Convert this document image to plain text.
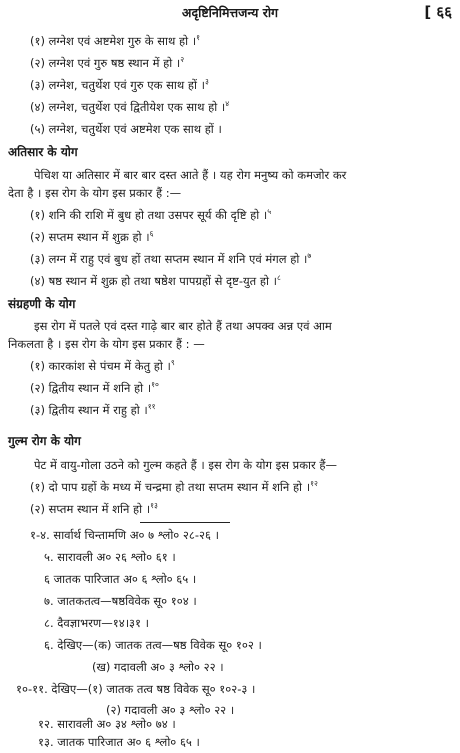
अदृष्टिनिमित्तजन्य रोग	[ ६६
(१) लग्नेश एवं अष्टमेश गुरु के साथ हो ।$^१$
(२) लग्नेश एवं गुरु षष्ठ स्थान में हो ।$^२$
(३) लग्नेश, चतुर्थेश एवं गुरु एक साथ हों ।$^३$
(४) लग्नेश, चतुर्थेश एवं द्वितीयेश एक साथ हो ।$^४$
(५) लग्नेश, चतुर्थेश एवं अष्टमेश एक साथ हों ।
अतिसार के योग
पेचिश या अतिसार में बार बार दस्त आते हैं । यह रोग मनुष्य को कमजोर कर
देता है । इस रोग के योग इस प्रकार हैं :—
(१) शनि की राशि में बुध हो तथा उसपर सूर्य की दृष्टि हो ।$^५$
(२) सप्तम स्थान में शुक्र हो ।$^६$
(३) लग्न में राहु एवं बुध हों तथा सप्तम स्थान में शनि एवं मंगल हो ।$^७$
(४) षष्ठ स्थान में शुक्र हो तथा षष्ठेश पापग्रहों से दृष्ट-युत हो ।$^८$
संग्रहणी के योग
इस रोग में पतले एवं दस्त गाढ़े बार बार होते हैं तथा अपक्व अन्न एवं आम
निकलता है । इस रोग के योग इस प्रकार हैं : —
(१) कारकांश से पंचम में केतु हो ।$^९$
(२) द्वितीय स्थान में शनि हो ।$^{१०}$
(३) द्वितीय स्थान में राहु हो ।$^{११}$
गुल्म रोग के योग
पेट में वायु-गोला उठने को गुल्म कहते हैं । इस रोग के योग इस प्रकार हैं—
(१) दो पाप ग्रहों के मध्य में चन्द्रमा हो तथा सप्तम स्थान में शनि हो ।$^{१२}$
(२) सप्तम स्थान में शनि हो ।$^{१३}$
१-४. सार्वार्थ चिन्तामणि अ० ७ श्लो० २८-२६ ।
५. सारावली अ० २६ श्लो० ६१ ।
६ जातक पारिजात अ० ६ श्लो० ६५ ।
७. जातकतत्व—षष्ठविवेक सू० १०४ ।
८. दैवज्ञाभरण—१४।३१ ।
६. देखिए—(क) जातक तत्व—षष्ठ विवेक सू० १०२ ।
(ख) गदावली अ० ३ श्लो० २२ ।
१०-११. देखिए—(१) जातक तत्व षष्ठ विवेक सू० १०२-३ ।
(२) गदावली अ० ३ श्लो० २२ ।
१२. सारावली अ० ३४ श्लो० ७४ ।
१३. जातक पारिजात अ० ६ श्लो० ६५ ।
